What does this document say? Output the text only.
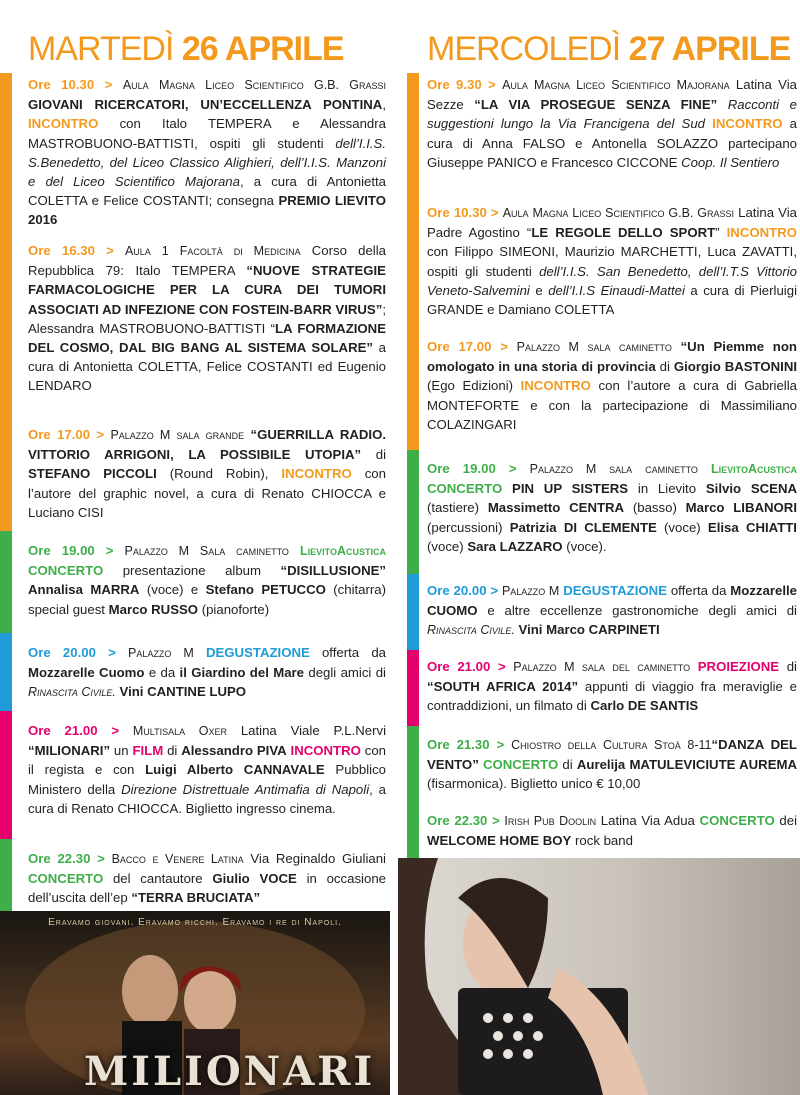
MARTEDÌ 26 APRILE
Ore 10.30 > Aula Magna Liceo Scientifico G.B. Grassi GIOVANI RICERCATORI, UN’ECCELLENZA PONTINA, INCONTRO con Italo TEMPERA e Alessandra MASTROBUONO-BATTISTI, ospiti gli studenti dell’I.I.S. S.Benedetto, del Liceo Classico Alighieri, dell’I.I.S. Manzoni e del Liceo Scientifico Majorana, a cura di Antonietta COLETTA e Felice COSTANTI; consegna PREMIO LIEVITO 2016
Ore 16.30 > Aula 1 Facoltà di Medicina Corso della Repubblica 79: Italo TEMPERA “NUOVE STRATEGIE FARMACOLOGICHE PER LA CURA DEI TUMORI ASSOCIATI AD INFEZIONE CON FOSTEIN-BARR VIRUS”; Alessandra MASTROBUONO-BATTISTI “LA FORMAZIONE DEL COSMO, DAL BIG BANG AL SISTEMA SOLARE” a cura di Antonietta COLETTA, Felice COSTANTI ed Eugenio LENDARO
Ore 17.00 > Palazzo M sala grande “GUERRILLA RADIO. VITTORIO ARRIGONI, LA POSSIBILE UTOPIA” di STEFANO PICCOLI (Round Robin), INCONTRO con l’autore del graphic novel, a cura di Renato CHIOCCA e Luciano CISI
Ore 19.00 > Palazzo M Sala caminetto LievitoAcustica CONCERTO presentazione album “DISILLUSIONE” Annalisa MARRA (voce) e Stefano PETUCCO (chitarra) special guest Marco RUSSO (pianoforte)
Ore 20.00 > Palazzo M DEGUSTAZIONE offerta da Mozzarelle Cuomo e da il Giardino del Mare degli amici di Rinascita Civile. Vini CANTINE LUPO
Ore 21.00 > Multisala Oxer Latina Viale P.L.Nervi “MILIONARI” un FILM di Alessandro PIVA INCONTRO con il regista e con Luigi Alberto CANNAVALE Pubblico Ministero della Direzione Distrettuale Antimafia di Napoli, a cura di Renato CHIOCCA. Biglietto ingresso cinema.
Ore 22.30 > Bacco e Venere Latina Via Reginaldo Giuliani CONCERTO del cantautore Giulio VOCE in occasione dell’uscita dell’ep “TERRA BRUCIATA”
Eravamo giovani. Eravamo ricchi. Eravamo i re di Napoli.
MILIONARI
MERCOLEDÌ 27 APRILE
Ore 9.30 > Aula Magna Liceo Scientifico Majorana Latina Via Sezze “LA VIA PROSEGUE SENZA FINE” Racconti e suggestioni lungo la Via Francigena del Sud INCONTRO a cura di Anna FALSO e Antonella SOLAZZO partecipano Giuseppe PANICO e Francesco CICCONE Coop. Il Sentiero
Ore 10.30 > Aula Magna Liceo Scientifico G.B. Grassi Latina Via Padre Agostino “LE REGOLE DELLO SPORT” INCONTRO con Filippo SIMEONI, Maurizio MARCHETTI, Luca ZAVATTI, ospiti gli studenti dell’I.I.S. San Benedetto, dell’I.T.S Vittorio Veneto-Salvemini e dell’I.I.S Einaudi-Mattei a cura di Pierluigi GRANDE e Damiano COLETTA
Ore 17.00 > Palazzo M sala caminetto “Un Piemme non omologato in una storia di provincia di Giorgio BASTONINI (Ego Edizioni) INCONTRO con l’autore a cura di Gabriella MONTEFORTE e con la partecipazione di Massimiliano COLAZINGARI
Ore 19.00 > Palazzo M sala caminetto LievitoAcustica CONCERTO PIN UP SISTERS in Lievito Silvio SCENA (tastiere) Massimetto CENTRA (basso) Marco LIBANORI (percussioni) Patrizia DI CLEMENTE (voce) Elisa CHIATTI (voce) Sara LAZZARO (voce).
Ore 20.00 > Palazzo M DEGUSTAZIONE offerta da Mozzarelle CUOMO e altre eccellenze gastronomiche degli amici di Rinascita Civile. Vini Marco CARPINETI
Ore 21.00 > Palazzo M sala del caminetto PROIEZIONE di “SOUTH AFRICA 2014” appunti di viaggio fra meraviglie e contraddizioni, un filmato di Carlo DE SANTIS
Ore 21.30 > Chiostro della Cultura Stoà 8-11“DANZA DEL VENTO” CONCERTO di Aurelija MATULEVICIUTE AUREMA (fisarmonica). Biglietto unico € 10,00
Ore 22.30 > Irish Pub Doolin Latina Via Adua CONCERTO dei WELCOME HOME BOY rock band
